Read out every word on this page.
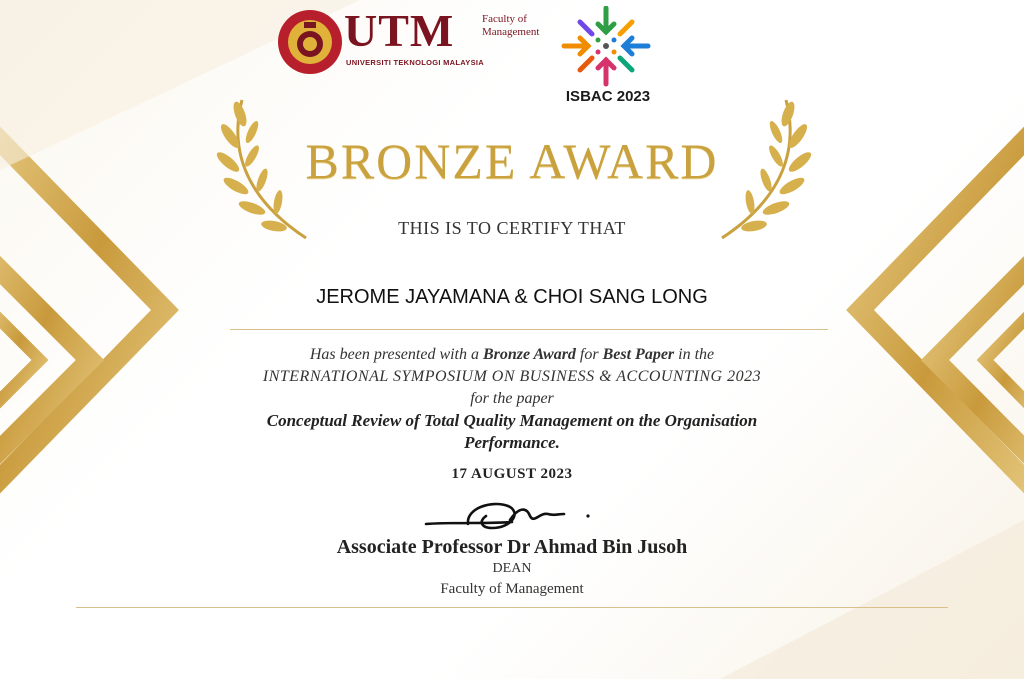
UTM
UNIVERSITI TEKNOLOGI MALAYSIA
Faculty of
Management
ISBAC 2023
BRONZE AWARD
THIS IS TO CERTIFY THAT
JEROME JAYAMANA & CHOI SANG LONG
Has been presented with a Bronze Award for Best Paper in the
INTERNATIONAL SYMPOSIUM ON BUSINESS & ACCOUNTING 2023
for the paper
Conceptual Review of Total Quality Management on the Organisation
Performance.
17 AUGUST 2023
Associate Professor Dr Ahmad Bin Jusoh
DEAN
Faculty of Management
